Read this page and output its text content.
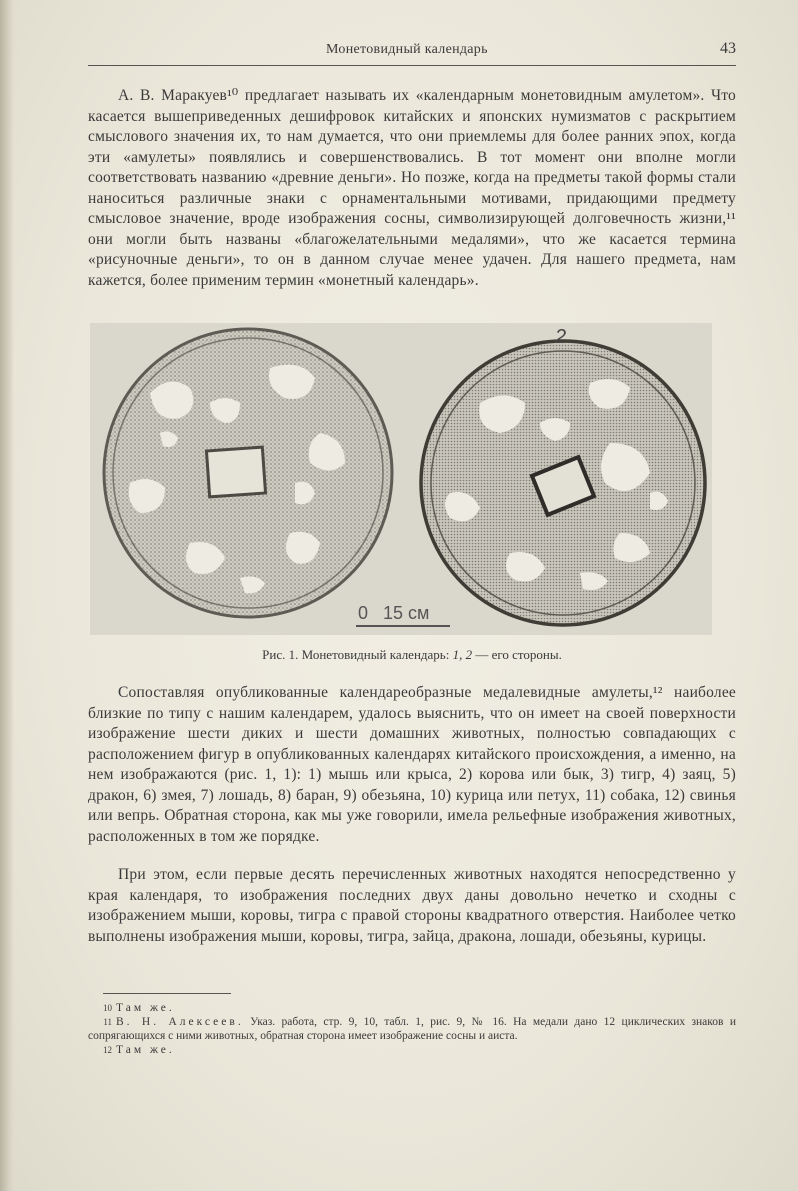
Монетовидный календарь	43

А. В. Маракуев¹⁰ предлагает называть их «календарным монетовидным амулетом». Что касается вышеприведенных дешифровок китайских и японских нумизматов с раскрытием смыслового значения их, то нам думается, что они приемлемы для более ранних эпох, когда эти «амулеты» появлялись и совершенствовались. В тот момент они вполне могли соответствовать названию «древние деньги». Но позже, когда на предметы такой формы стали наноситься различные знаки с орнаментальными мотивами, придающими предмету смысловое значение, вроде изображения сосны, символизирующей долговечность жизни,¹¹ они могли быть названы «благожелательными медалями», что же касается термина «рисуночные деньги», то он в данном случае менее удачен. Для нашего предмета, нам кажется, более применим термин «монетный календарь».

2
0   15 см
Рис. 1. Монетовидный календарь: 1, 2 — его стороны.

Сопоставляя опубликованные календареобразные медалевидные амулеты,¹² наиболее близкие по типу с нашим календарем, удалось выяснить, что он имеет на своей поверхности изображение шести диких и шести домашних животных, полностью совпадающих с расположением фигур в опубликованных календарях китайского происхождения, а именно, на нем изображаются (рис. 1, 1): 1) мышь или крыса, 2) корова или бык, 3) тигр, 4) заяц, 5) дракон, 6) змея, 7) лошадь, 8) баран, 9) обезьяна, 10) курица или петух, 11) собака, 12) свинья или вепрь. Обратная сторона, как мы уже говорили, имела рельефные изображения животных, расположенных в том же порядке.

При этом, если первые десять перечисленных животных находятся непосредственно у края календаря, то изображения последних двух даны довольно нечетко и сходны с изображением мыши, коровы, тигра с правой стороны квадратного отверстия. Наиболее четко выполнены изображения мыши, коровы, тигра, зайца, дракона, лошади, обезьяны, курицы.

10 Там же.

11 В. Н. Алексеев. Указ. работа, стр. 9, 10, табл. 1, рис. 9, № 16. На медали дано 12 циклических знаков и сопрягающихся с ними животных, обратная сторона имеет изображение сосны и аиста.

12 Там же.
